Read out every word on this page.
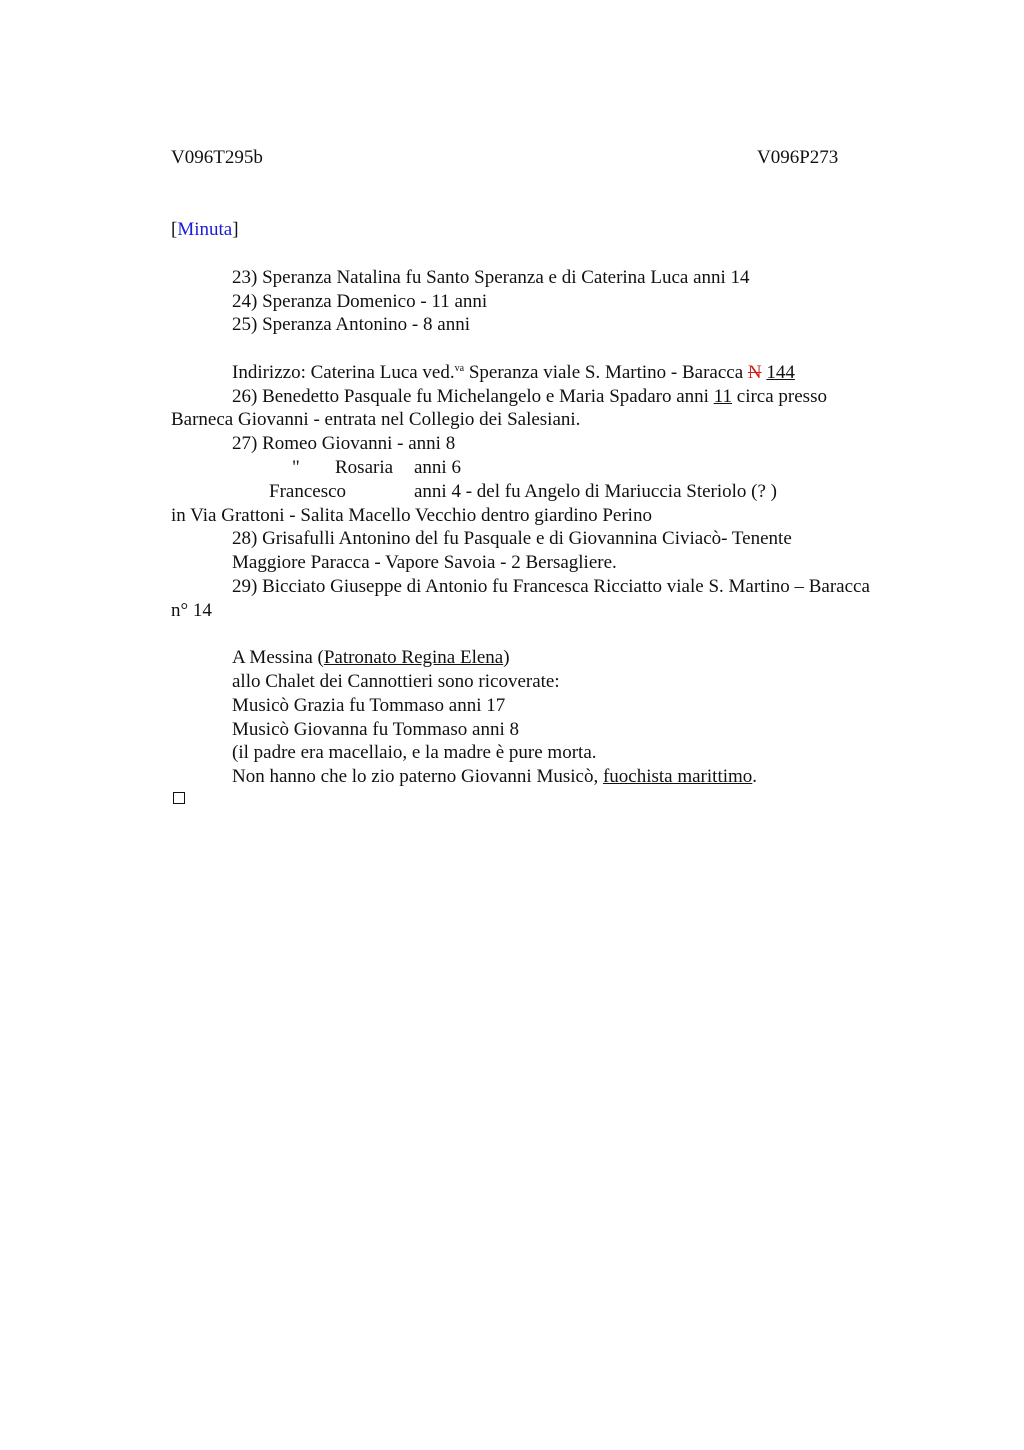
V096T295b	V096P273
[Minuta]
23) Speranza Natalina fu Santo Speranza e di Caterina Luca anni 14
24) Speranza Domenico - 11 anni
25) Speranza Antonino - 8 anni
Indirizzo: Caterina Luca ved.$^{va}$ Speranza viale S. Martino - Baracca N 144
26) Benedetto Pasquale fu Michelangelo e Maria Spadaro anni 11 circa presso
Barneca Giovanni - entrata nel Collegio dei Salesiani.
27) Romeo Giovanni - anni 8
" Rosaria anni 6
Francesco	anni 4 - del fu Angelo di Mariuccia Steriolo (? )
in Via Grattoni - Salita Macello Vecchio dentro giardino Perino
28) Grisafulli Antonino del fu Pasquale e di Giovannina Civiacò- Tenente
Maggiore Paracca - Vapore Savoia - 2 Bersagliere.
29) Bicciato Giuseppe di Antonio fu Francesca Ricciatto viale S. Martino – Baracca
n° 14
A Messina (Patronato Regina Elena)
allo Chalet dei Cannottieri sono ricoverate:
Musicò Grazia fu Tommaso anni 17
Musicò Giovanna fu Tommaso anni 8
(il padre era macellaio, e la madre è pure morta.
Non hanno che lo zio paterno Giovanni Musicò, fuochista marittimo.
